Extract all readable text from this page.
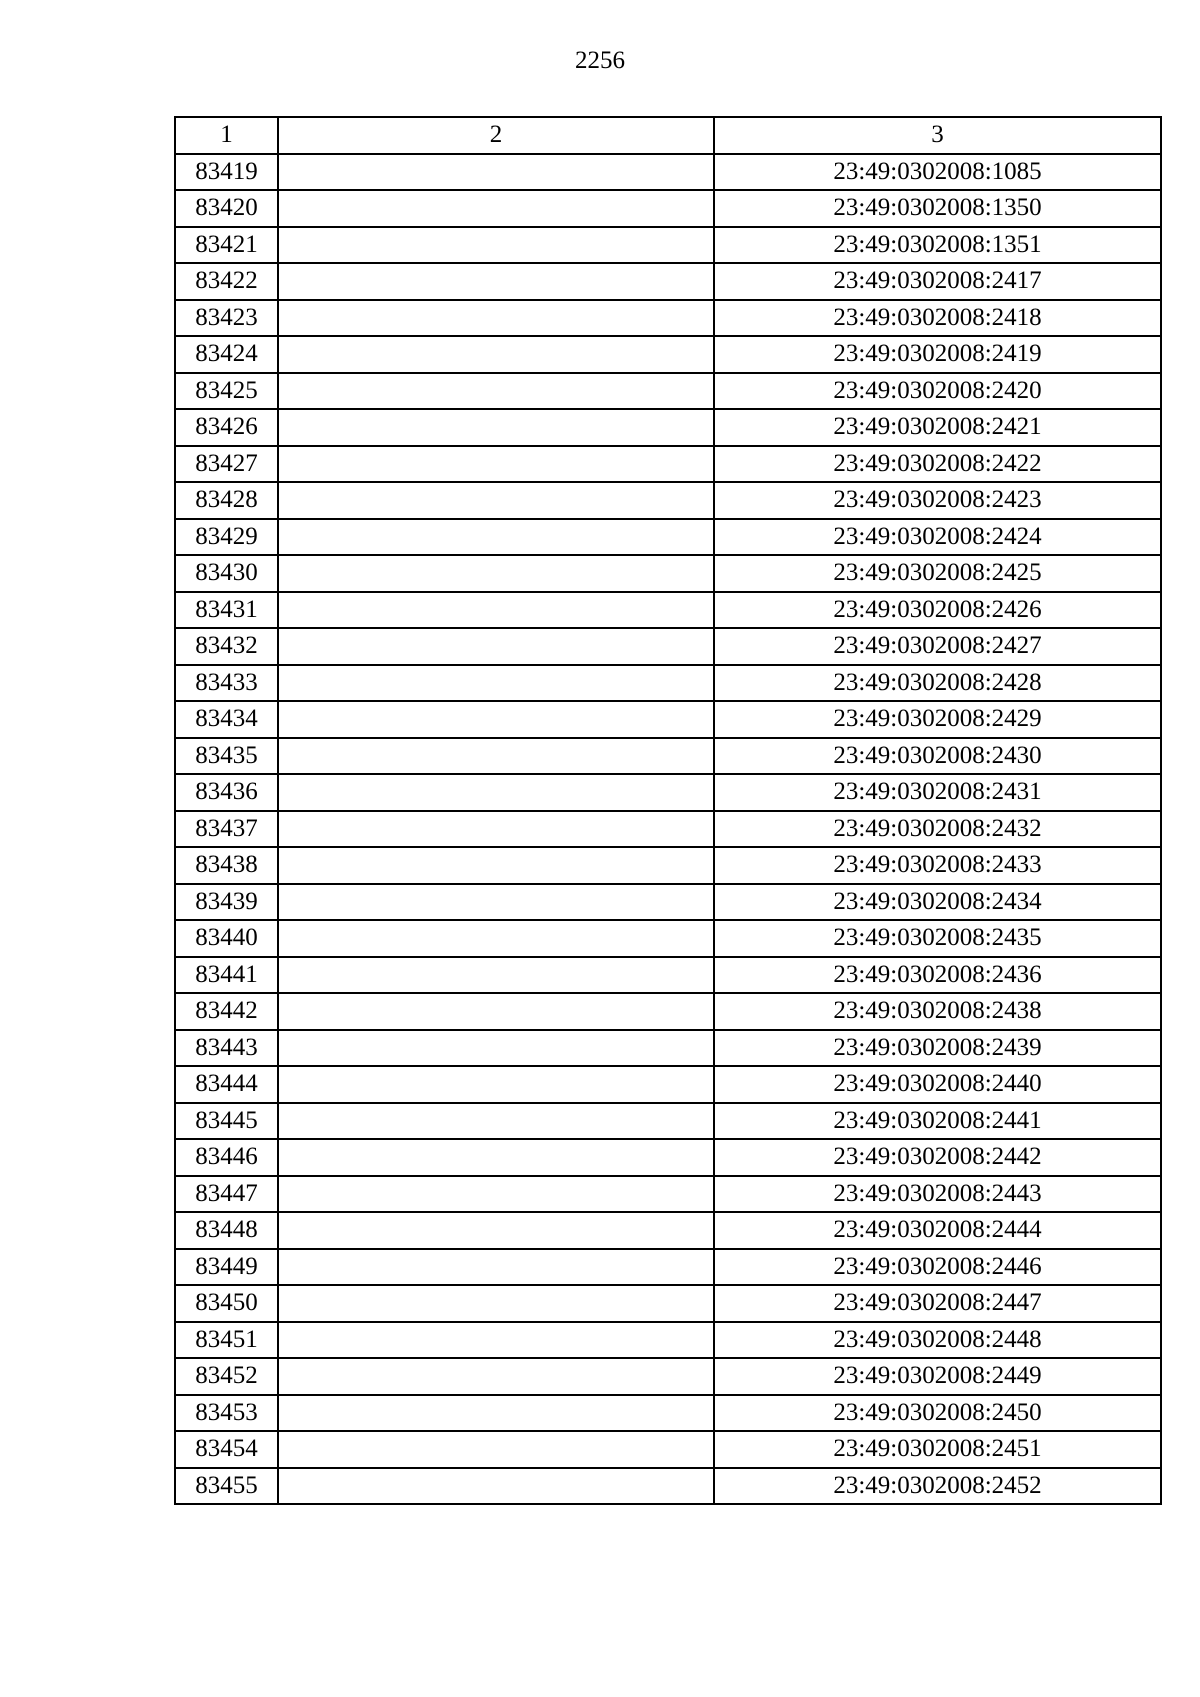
2256
1	2	3
83419		23:49:0302008:1085
83420		23:49:0302008:1350
83421		23:49:0302008:1351
83422		23:49:0302008:2417
83423		23:49:0302008:2418
83424		23:49:0302008:2419
83425		23:49:0302008:2420
83426		23:49:0302008:2421
83427		23:49:0302008:2422
83428		23:49:0302008:2423
83429		23:49:0302008:2424
83430		23:49:0302008:2425
83431		23:49:0302008:2426
83432		23:49:0302008:2427
83433		23:49:0302008:2428
83434		23:49:0302008:2429
83435		23:49:0302008:2430
83436		23:49:0302008:2431
83437		23:49:0302008:2432
83438		23:49:0302008:2433
83439		23:49:0302008:2434
83440		23:49:0302008:2435
83441		23:49:0302008:2436
83442		23:49:0302008:2438
83443		23:49:0302008:2439
83444		23:49:0302008:2440
83445		23:49:0302008:2441
83446		23:49:0302008:2442
83447		23:49:0302008:2443
83448		23:49:0302008:2444
83449		23:49:0302008:2446
83450		23:49:0302008:2447
83451		23:49:0302008:2448
83452		23:49:0302008:2449
83453		23:49:0302008:2450
83454		23:49:0302008:2451
83455		23:49:0302008:2452
